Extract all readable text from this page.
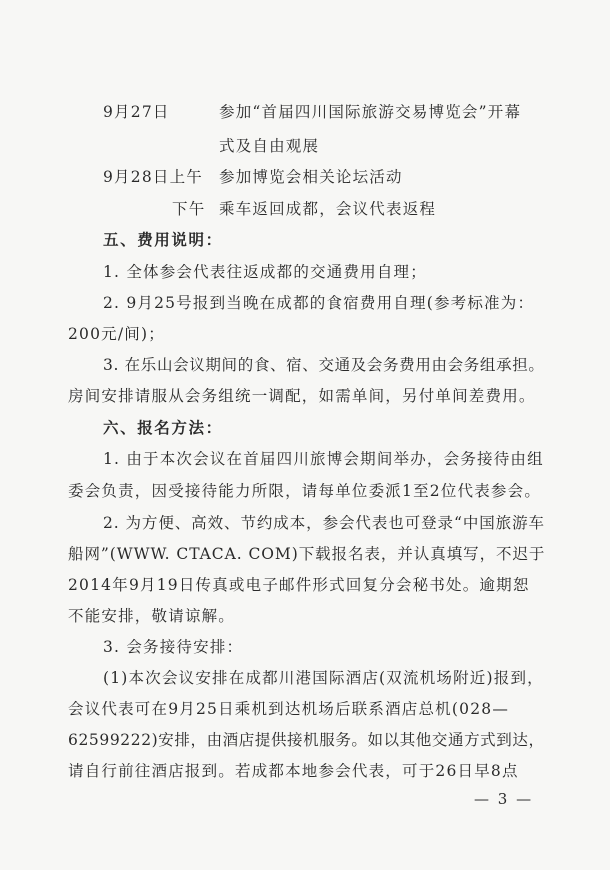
9月27日	参加“首届四川国际旅游交易博览会”开幕
式及自由观展
9月28日上午 参加博览会相关论坛活动
下午 乘车返回成都，会议代表返程
五、费用说明：
1. 全体参会代表往返成都的交通费用自理；
2. 9月25号报到当晚在成都的食宿费用自理(参考标准为：
200元/间)；
3. 在乐山会议期间的食、宿、交通及会务费用由会务组承担。
房间安排请服从会务组统一调配，如需单间，另付单间差费用。
六、报名方法：
1. 由于本次会议在首届四川旅博会期间举办，会务接待由组
委会负责，因受接待能力所限，请每单位委派1至2位代表参会。
2. 为方便、高效、节约成本，参会代表也可登录“中国旅游车
船网”(WWW. CTACA. COM)下载报名表，并认真填写，不迟于
2014年9月19日传真或电子邮件形式回复分会秘书处。逾期恕
不能安排，敬请谅解。
3. 会务接待安排：
(1)本次会议安排在成都川港国际酒店(双流机场附近)报到，
会议代表可在9月25日乘机到达机场后联系酒店总机(028—
62599222)安排，由酒店提供接机服务。如以其他交通方式到达，
请自行前往酒店报到。若成都本地参会代表，可于26日早8点
— 3 —
